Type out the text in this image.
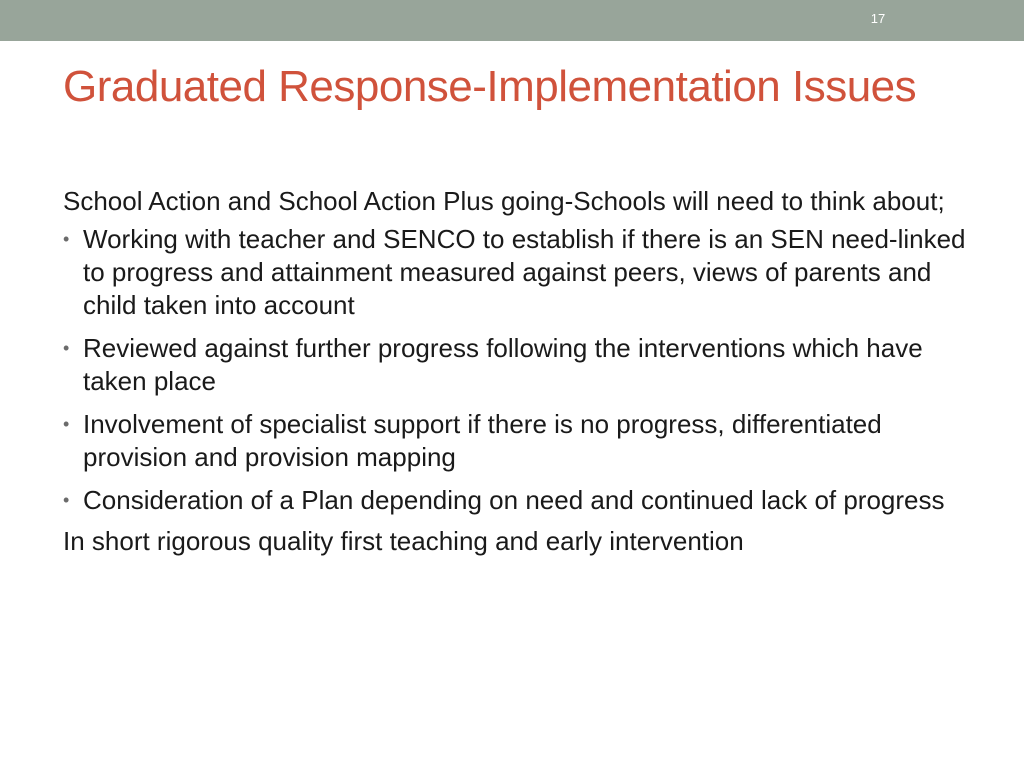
17
Graduated Response-Implementation Issues

School Action and School Action Plus going-Schools will need to think about;

• Working with teacher and SENCO to establish if there is an SEN need-linked to progress and attainment measured against peers, views of parents and child taken into account
• Reviewed against further progress following the interventions which have taken place
• Involvement of specialist support if there is no progress, differentiated provision and provision mapping
• Consideration of a Plan depending on need and continued lack of progress

In short rigorous quality first teaching and early intervention
